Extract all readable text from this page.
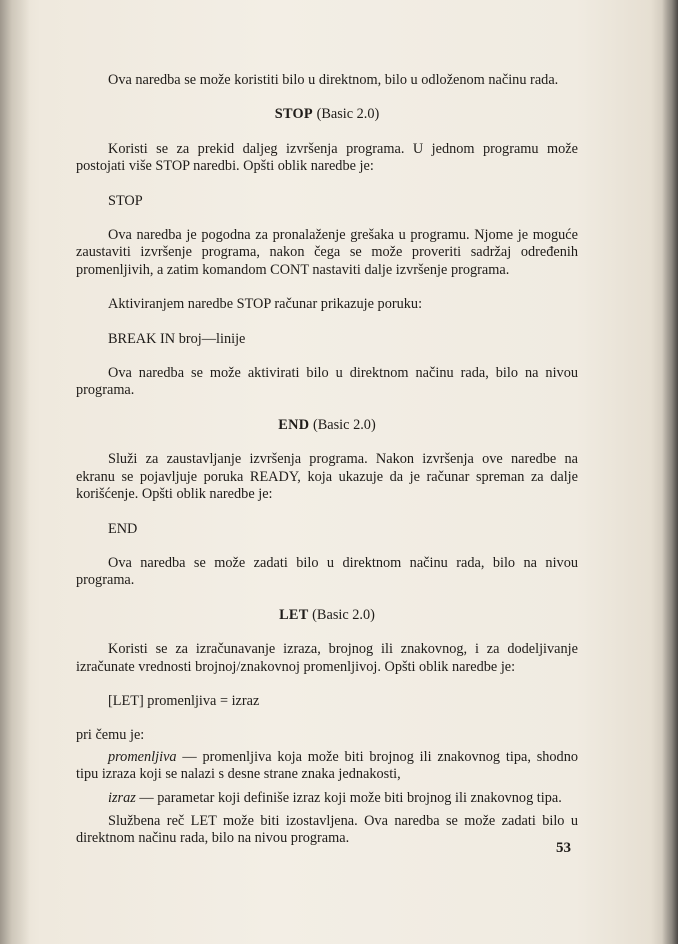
Ova naredba se može koristiti bilo u direktnom, bilo u odloženom načinu rada.

STOP (Basic 2.0)

Koristi se za prekid daljeg izvršenja programa. U jednom programu može postojati više STOP naredbi. Opšti oblik naredbe je:

STOP

Ova naredba je pogodna za pronalaženje grešaka u programu. Njome je moguće zaustaviti izvršenje programa, nakon čega se može proveriti sadržaj određenih promenljivih, a zatim komandom CONT nastaviti dalje izvršenje programa.

Aktiviranjem naredbe STOP računar prikazuje poruku:

BREAK IN broj—linije

Ova naredba se može aktivirati bilo u direktnom načinu rada, bilo na nivou programa.

END (Basic 2.0)

Služi za zaustavljanje izvršenja programa. Nakon izvršenja ove naredbe na ekranu se pojavljuje poruka READY, koja ukazuje da je računar spreman za dalje korišćenje. Opšti oblik naredbe je:

END

Ova naredba se može zadati bilo u direktnom načinu rada, bilo na nivou programa.

LET (Basic 2.0)

Koristi se za izračunavanje izraza, brojnog ili znakovnog, i za dodeljivanje izračunate vrednosti brojnoj/znakovnoj promenljivoj. Opšti oblik naredbe je:

[LET] promenljiva = izraz

pri čemu je:

promenljiva — promenljiva koja može biti brojnog ili znakovnog tipa, shodno tipu izraza koji se nalazi s desne strane znaka jednakosti,

izraz — parametar koji definiše izraz koji može biti brojnog ili znakovnog tipa.

Službena reč LET može biti izostavljena. Ova naredba se može zadati bilo u direktnom načinu rada, bilo na nivou programa.

53
